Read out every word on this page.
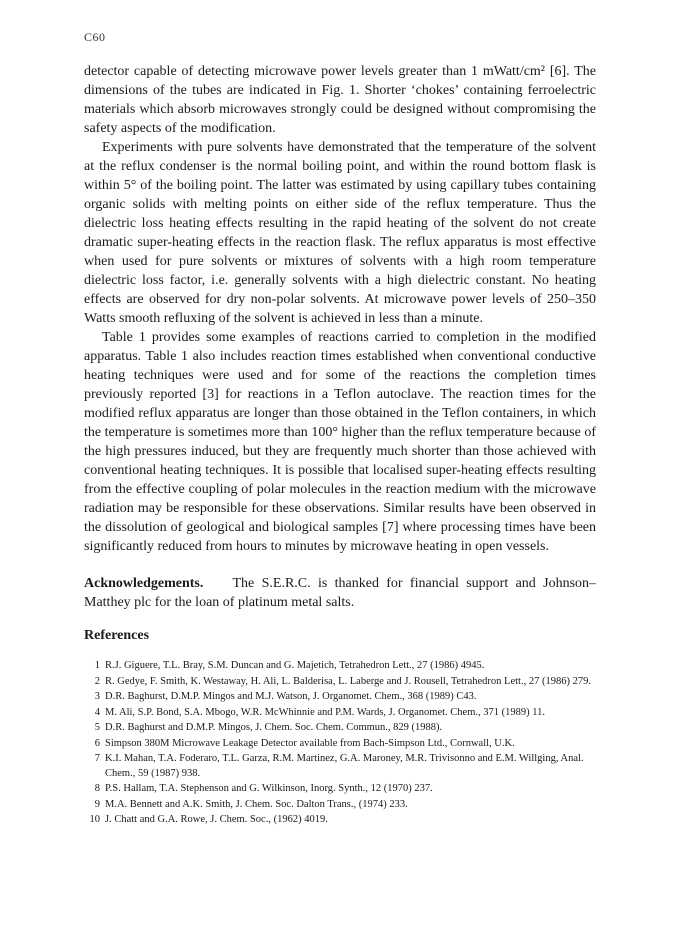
C60

detector capable of detecting microwave power levels greater than 1 mWatt/cm² [6]. The dimensions of the tubes are indicated in Fig. 1. Shorter ‘chokes’ containing ferroelectric materials which absorb microwaves strongly could be designed without compromising the safety aspects of the modification.

Experiments with pure solvents have demonstrated that the temperature of the solvent at the reflux condenser is the normal boiling point, and within the round bottom flask is within 5° of the boiling point. The latter was estimated by using capillary tubes containing organic solids with melting points on either side of the reflux temperature. Thus the dielectric loss heating effects resulting in the rapid heating of the solvent do not create dramatic super-heating effects in the reaction flask. The reflux apparatus is most effective when used for pure solvents or mixtures of solvents with a high room temperature dielectric loss factor, i.e. generally solvents with a high dielectric constant. No heating effects are observed for dry non-polar solvents. At microwave power levels of 250–350 Watts smooth refluxing of the solvent is achieved in less than a minute.

Table 1 provides some examples of reactions carried to completion in the modified apparatus. Table 1 also includes reaction times established when conventional conductive heating techniques were used and for some of the reactions the completion times previously reported [3] for reactions in a Teflon autoclave. The reaction times for the modified reflux apparatus are longer than those obtained in the Teflon containers, in which the temperature is sometimes more than 100° higher than the reflux temperature because of the high pressures induced, but they are frequently much shorter than those achieved with conventional heating techniques. It is possible that localised super-heating effects resulting from the effective coupling of polar molecules in the reaction medium with the microwave radiation may be responsible for these observations. Similar results have been observed in the dissolution of geological and biological samples [7] where processing times have been significantly reduced from hours to minutes by microwave heating in open vessels.

Acknowledgements. The S.E.R.C. is thanked for financial support and Johnson–Matthey plc for the loan of platinum metal salts.
References
1 R.J. Giguere, T.L. Bray, S.M. Duncan and G. Majetich, Tetrahedron Lett., 27 (1986) 4945.
2 R. Gedye, F. Smith, K. Westaway, H. Ali, L. Balderisa, L. Laberge and J. Rousell, Tetrahedron Lett., 27 (1986) 279.
3 D.R. Baghurst, D.M.P. Mingos and M.J. Watson, J. Organomet. Chem., 368 (1989) C43.
4 M. Ali, S.P. Bond, S.A. Mbogo, W.R. McWhinnie and P.M. Wards, J. Organomet. Chem., 371 (1989) 11.
5 D.R. Baghurst and D.M.P. Mingos, J. Chem. Soc. Chem. Commun., 829 (1988).
6 Simpson 380M Microwave Leakage Detector available from Bach-Simpson Ltd., Cornwall, U.K.
7 K.I. Mahan, T.A. Foderaro, T.L. Garza, R.M. Martinez, G.A. Maroney, M.R. Trivisonno and E.M. Willging, Anal. Chem., 59 (1987) 938.
8 P.S. Hallam, T.A. Stephenson and G. Wilkinson, Inorg. Synth., 12 (1970) 237.
9 M.A. Bennett and A.K. Smith, J. Chem. Soc. Dalton Trans., (1974) 233.
10 J. Chatt and G.A. Rowe, J. Chem. Soc., (1962) 4019.
